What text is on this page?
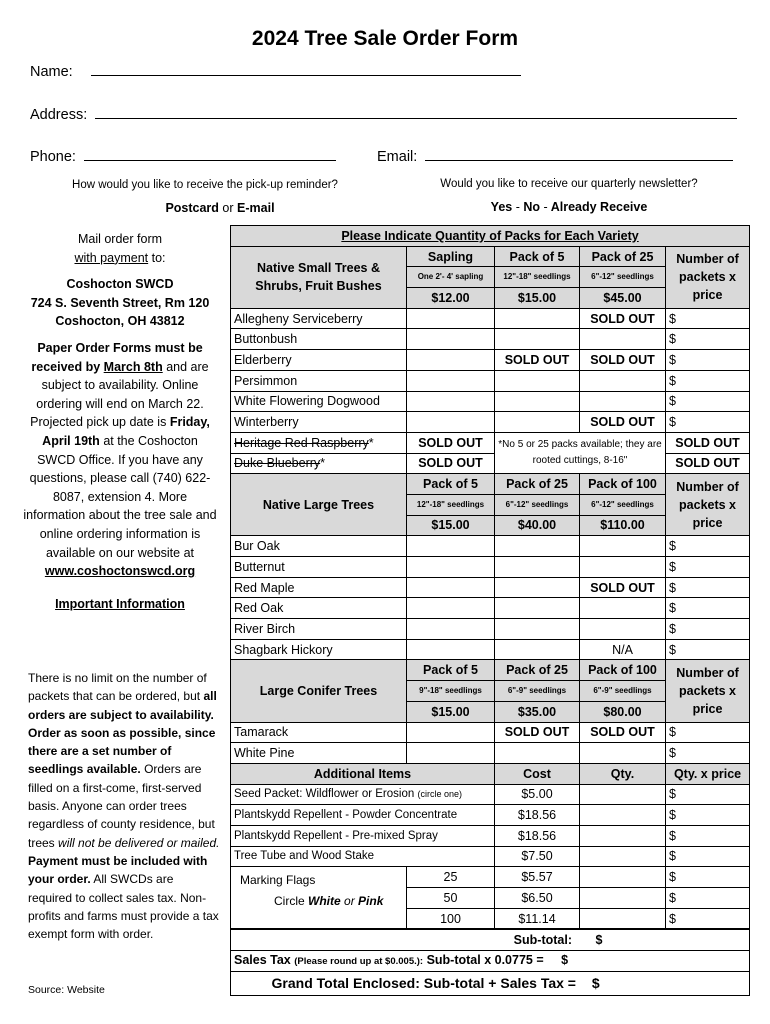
2024 Tree Sale Order Form
Name:
Address:
Phone:	Email:
How would you like to receive the pick-up reminder?
Postcard or E-mail
Would you like to receive our quarterly newsletter?
Yes - No - Already Receive

Mail order form

with payment to:

Coshocton SWCD

724 S. Seventh Street, Rm 120

Coshocton, OH 43812

Paper Order Forms must be received by March 8th and are subject to availability. Online ordering will end on March 22. Projected pick up date is Friday, April 19th at the Coshocton SWCD Office. If you have any questions, please call (740) 622-8087, extension 4. More information about the tree sale and online ordering information is available on our website at

www.coshoctonswcd.org

Important Information

There is no limit on the number of packets that can be ordered, but all orders are subject to availability. Order as soon as possible, since there are a set number of seedlings available. Orders are filled on a first-come, first-served basis. Anyone can order trees regardless of county residence, but trees will not be delivered or mailed. Payment must be included with your order. All SWCDs are required to collect sales tax. Non-profits and farms must provide a tax exempt form with order.
Source: Website
Please Indicate Quantity of Packs for Each Variety				
Native Small Trees & Shrubs, Fruit Bushes	Sapling	Pack of 5	Pack of 25	Number of packets x price
	One 2'- 4' sapling	12"-18" seedlings	6"-12" seedlings	
	$12.00	$15.00	$45.00	
Allegheny Serviceberry			SOLD OUT	$
Buttonbush				$
Elderberry		SOLD OUT	SOLD OUT	$
Persimmon				$
White Flowering Dogwood				$
Winterberry			SOLD OUT	$
Heritage Red Raspberry*	SOLD OUT	*No 5 or 25 packs available; they are rooted cuttings, 8-16"		SOLD OUT
Duke Blueberry*	SOLD OUT			SOLD OUT
Native Large Trees	Pack of 5	Pack of 25	Pack of 100	Number of packets x price
	12"-18" seedlings	6"-12" seedlings	6"-12" seedlings	
	$15.00	$40.00	$110.00	
Bur Oak				$
Butternut				$
Red Maple			SOLD OUT	$
Red Oak				$
River Birch				$
Shagbark Hickory			N/A	$
Large Conifer Trees	Pack of 5	Pack of 25	Pack of 100	Number of packets x price
	9"-18" seedlings	6"-9" seedlings	6"-9" seedlings	
	$15.00	$35.00	$80.00	
Tamarack		SOLD OUT	SOLD OUT	$
White Pine				$
Additional Items		Cost	Qty.	Qty. x price
Seed Packet: Wildflower or Erosion (circle one)		$5.00		$
Plantskydd Repellent - Powder Concentrate		$18.56		$
Plantskydd Repellent - Pre-mixed Spray		$18.56		$
Tree Tube and Wood Stake		$7.50		$

Marking Flags
Circle White or Pink	25	$5.57		$
	50	$6.50		$
	100	$11.14		$
Sub-total: $				
Sales Tax (Please round up at $0.005.): Sub-total x 0.0775 = $				
Grand Total Enclosed: Sub-total + Sales Tax = $				
